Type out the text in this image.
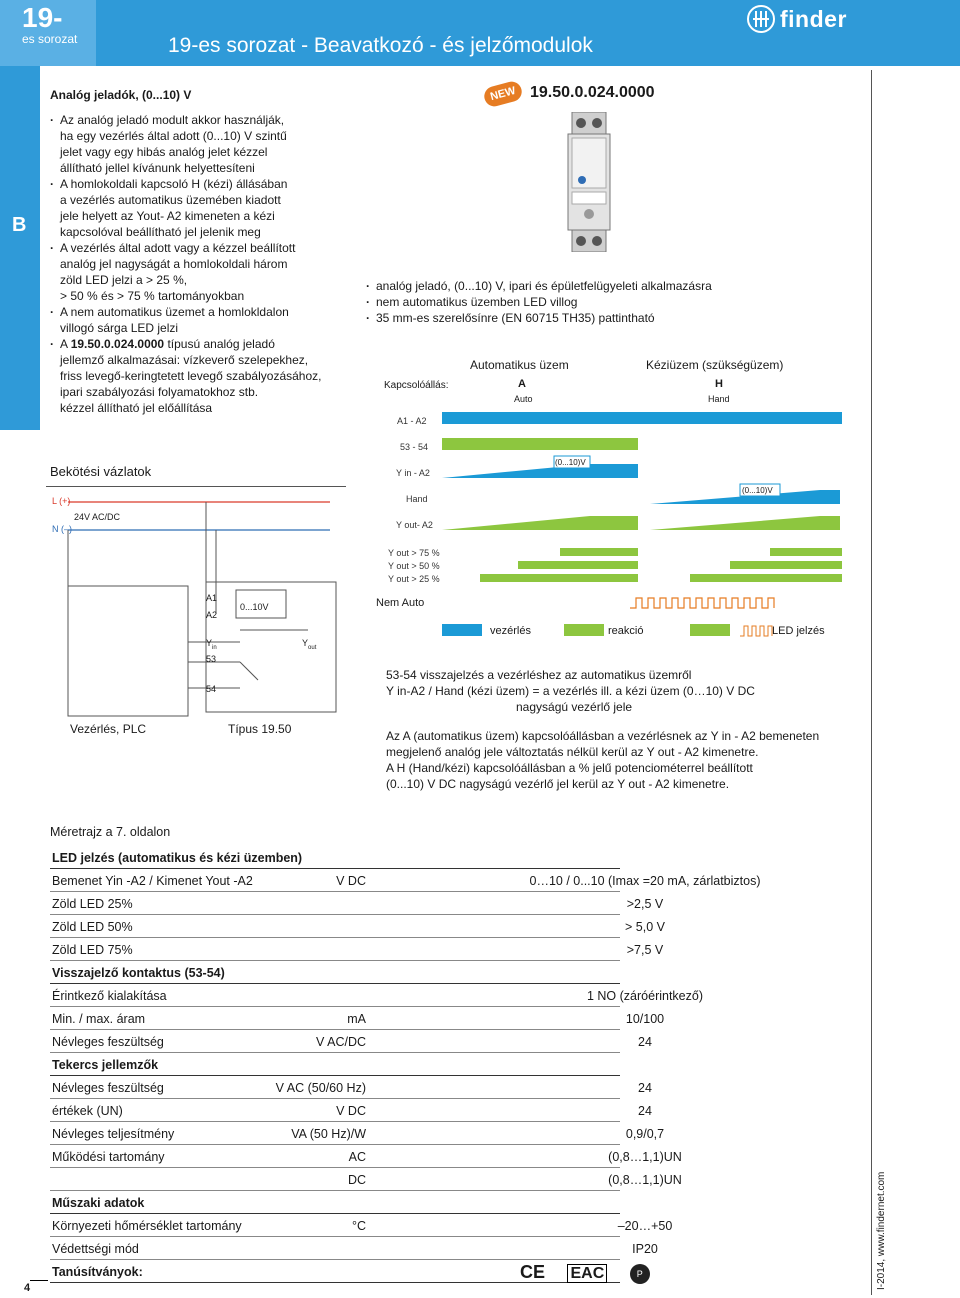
19-
es sorozat	19-es sorozat - Beavatkozó - és jelzőmodulok
finder
B
Analóg jeladók, (0...10) V
· Az analóg jeladó modult akkor használják,
ha egy vezérlés által adott (0...10) V szintű
jelet vagy egy hibás analóg jelet kézzel
állítható jellel kívánunk helyettesíteni
· A homlokoldali kapcsoló H (kézi) állásában
a vezérlés automatikus üzemében kiadott
jele helyett az Yout- A2 kimeneten a kézi
kapcsolóval beállítható jel jelenik meg
· A vezérlés által adott vagy a kézzel beállított
analóg jel nagyságát a homlokoldali három
zöld LED jelzi a > 25 %,
> 50 % és > 75 % tartományokban
· A nem automatikus üzemet a homlokldalon
villogó sárga LED jelzi
· A 19.50.0.024.0000 típusú analóg jeladó
jellemző alkalmazásai: vízkeverő szelepekhez,
friss levegő-keringtetett levegő szabályozásához,
ipari szabályozási folyamatokhoz stb.
kézzel állítható jel előállítása
NEW 19.50.0.024.0000
· analóg jeladó, (0...10) V, ipari és épületfelügyeleti alkalmazásra
· nem automatikus üzemben LED villog
· 35 mm-es szerelősínre (EN 60715 TH35) pattintható
Automatikus üzem	Kéziüzem (szükségüzem)
Kapcsolóállás:	A
Auto
H
Hand
A1 - A2
53 - 54
Y in - A2
Hand
Y out- A2
Y out > 75 %
Y out > 50 %
Y out > 25 %
Nem Auto
(0...10)V
(0...10)V
vezérlés	reakció	LED jelzés
53-54 visszajelzés a vezérléshez az automatikus üzemről
Y in-A2 / Hand (kézi üzem) = a vezérlés ill. a kézi üzem (0…10) V DC
nagyságú vezérlő jele
Az A (automatikus üzem) kapcsolóállásban a vezérlésnek az Y in - A2 bemeneten
megjelenő analóg jele változtatás nélkül kerül az Y out - A2 kimenetre.
A H (Hand/kézi) kapcsolóállásban a % jelű potenciométerrel beállított
(0...10) V DC nagyságú vezérlő jel kerül az Y out - A2 kimenetre.
Bekötési vázlatok
L (+)
N (–)
24V AC/DC
A1
A2
0...10V
$Y_{in}$	$Y_{out}$
53
54
Vezérlés, PLC	Típus 19.50
Méretrajz a 7. oldalon
LED jelzés (automatikus és kézi üzemben)
Bemenet Yin -A2 / Kimenet Yout -A2	V DC	0…10 / 0...10 (Imax =20 mA, zárlatbiztos)
Zöld LED 25%	>2,5 V
Zöld LED 50%	> 5,0 V
Zöld LED 75%	>7,5 V
Visszajelző kontaktus (53-54)
Érintkező kialakítása	1 NO (záróérintkező)
Min. / max. áram	mA	10/100
Névleges feszültség	V AC/DC	24
Tekercs jellemzők
Névleges feszültség	V AC (50/60 Hz)	24
értékek (UN)	V DC	24
Névleges teljesítmény	VA (50 Hz)/W	0,9/0,7
Működési tartomány	AC	(0,8…1,1)UN
DC	(0,8…1,1)UN
Műszaki adatok
Környezeti hőmérséklet tartomány	°C	–20…+50
Védettségi mód	IP20
Tanúsítványok:	CE EAC	P
4	I-2014, www.findernet.com
